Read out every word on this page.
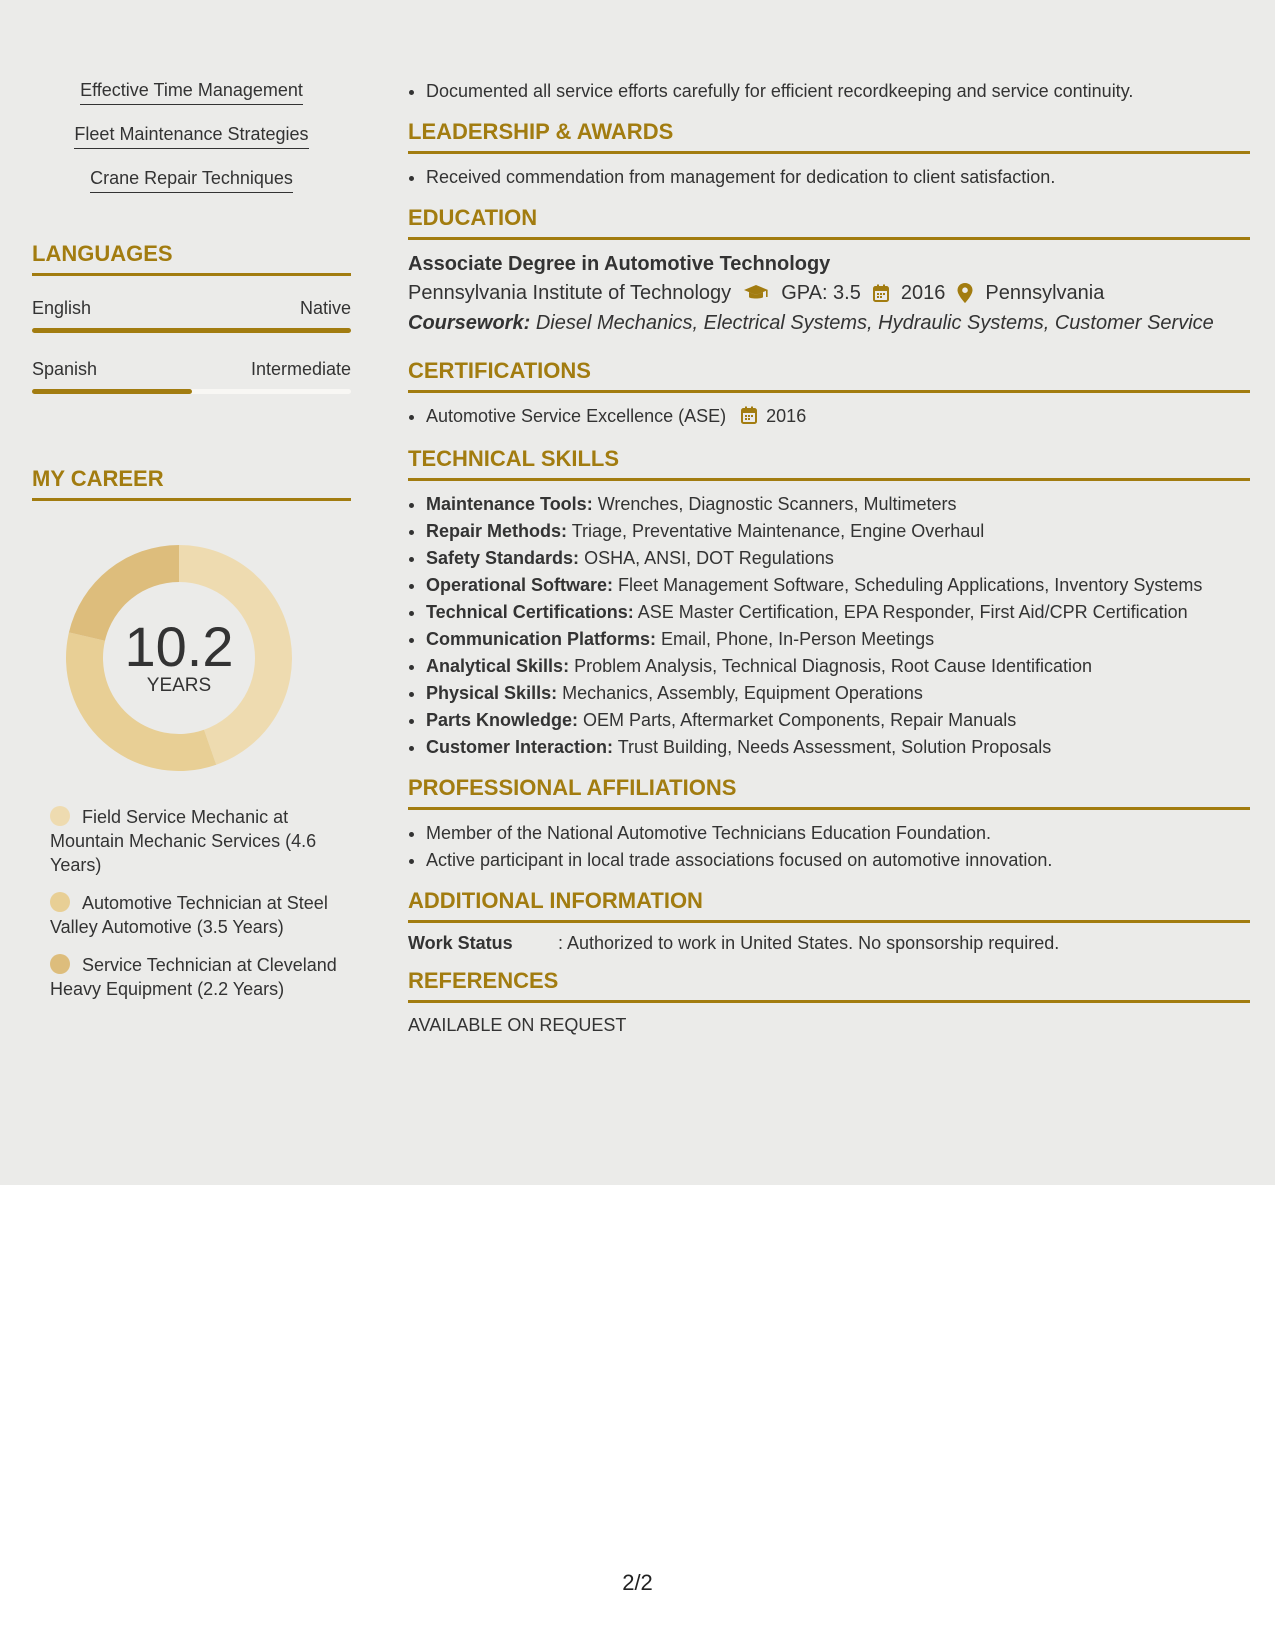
Effective Time Management
Fleet Maintenance Strategies
Crane Repair Techniques
LANGUAGES
English	Native
Spanish	Intermediate
MY CAREER
10.2
YEARS
Field Service Mechanic at Mountain Mechanic Services (4.6 Years)
Automotive Technician at Steel Valley Automotive (3.5 Years)
Service Technician at Cleveland Heavy Equipment (2.2 Years)
• Documented all service efforts carefully for efficient recordkeeping and service continuity.
LEADERSHIP & AWARDS
• Received commendation from management for dedication to client satisfaction.
EDUCATION
Associate Degree in Automotive Technology
Pennsylvania Institute of Technology	GPA: 3.5 2016 Pennsylvania
Coursework: Diesel Mechanics, Electrical Systems, Hydraulic Systems, Customer Service
CERTIFICATIONS
• Automotive Service Excellence (ASE) 2016
TECHNICAL SKILLS
• Maintenance Tools: Wrenches, Diagnostic Scanners, Multimeters
• Repair Methods: Triage, Preventative Maintenance, Engine Overhaul
• Safety Standards: OSHA, ANSI, DOT Regulations
• Operational Software: Fleet Management Software, Scheduling Applications, Inventory Systems
• Technical Certifications: ASE Master Certification, EPA Responder, First Aid/CPR Certification
• Communication Platforms: Email, Phone, In-Person Meetings
• Analytical Skills: Problem Analysis, Technical Diagnosis, Root Cause Identification
• Physical Skills: Mechanics, Assembly, Equipment Operations
• Parts Knowledge: OEM Parts, Aftermarket Components, Repair Manuals
• Customer Interaction: Trust Building, Needs Assessment, Solution Proposals
PROFESSIONAL AFFILIATIONS
• Member of the National Automotive Technicians Education Foundation.
• Active participant in local trade associations focused on automotive innovation.
ADDITIONAL INFORMATION
Work Status	: Authorized to work in United States. No sponsorship required.
REFERENCES
AVAILABLE ON REQUEST
2/2
